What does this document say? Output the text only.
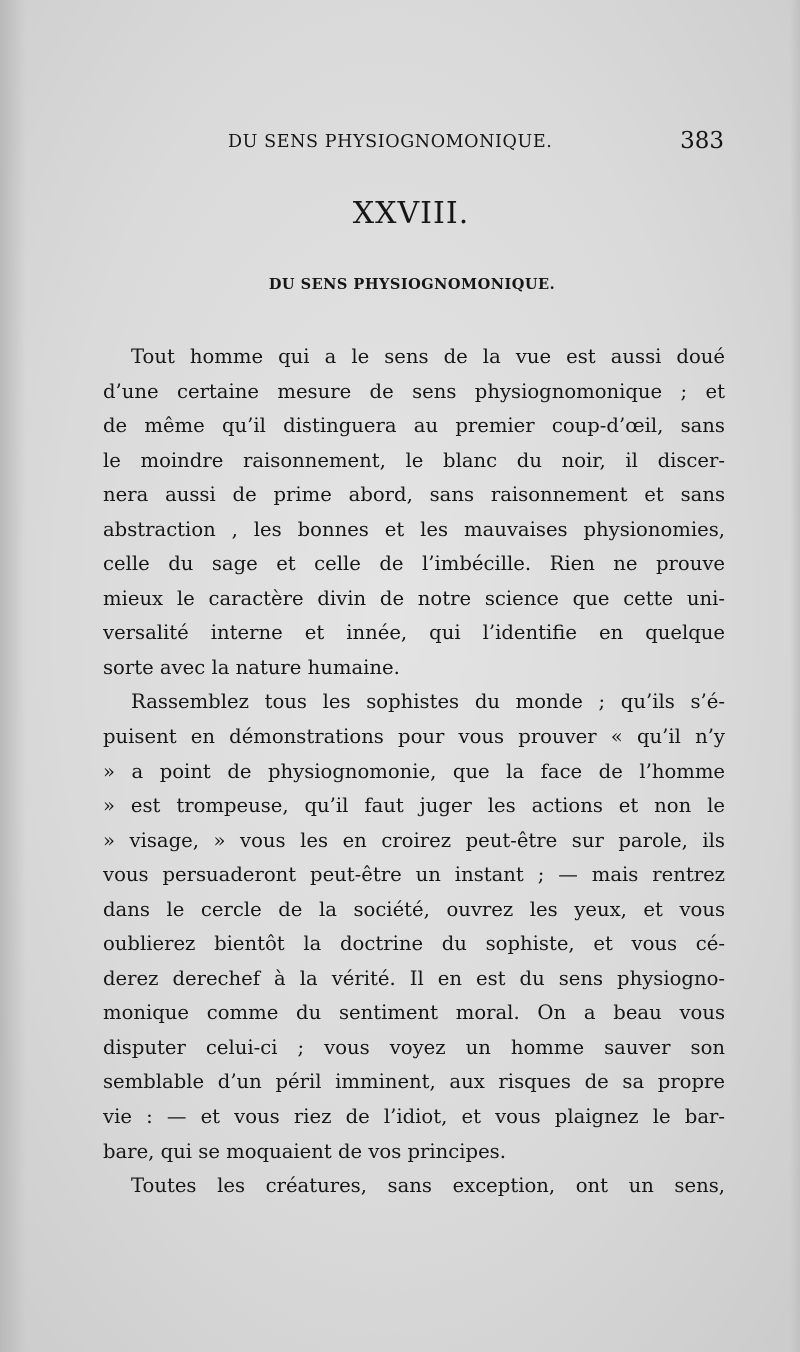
DU SENS PHYSIOGNOMONIQUE.	383
XXVIII.
DU SENS PHYSIOGNOMONIQUE.
Tout homme qui a le sens de la vue est aussi doué
d’une certaine mesure de sens physiognomonique ; et
de même qu’il distinguera au premier coup-d’œil, sans
le moindre raisonnement, le blanc du noir, il discer-
nera aussi de prime abord, sans raisonnement et sans
abstraction , les bonnes et les mauvaises physionomies,
celle du sage et celle de l’imbécille. Rien ne prouve
mieux le caractère divin de notre science que cette uni-
versalité interne et innée, qui l’identifie en quelque
sorte avec la nature humaine.
Rassemblez tous les sophistes du monde ; qu’ils s’é-
puisent en démonstrations pour vous prouver « qu’il n’y
» a point de physiognomonie, que la face de l’homme
» est trompeuse, qu’il faut juger les actions et non le
» visage, » vous les en croirez peut-être sur parole, ils
vous persuaderont peut-être un instant ; — mais rentrez
dans le cercle de la société, ouvrez les yeux, et vous
oublierez bientôt la doctrine du sophiste, et vous cé-
derez derechef à la vérité. Il en est du sens physiogno-
monique comme du sentiment moral. On a beau vous
disputer celui-ci ; vous voyez un homme sauver son
semblable d’un péril imminent, aux risques de sa propre
vie : — et vous riez de l’idiot, et vous plaignez le bar-
bare, qui se moquaient de vos principes.
Toutes les créatures, sans exception, ont un sens,
